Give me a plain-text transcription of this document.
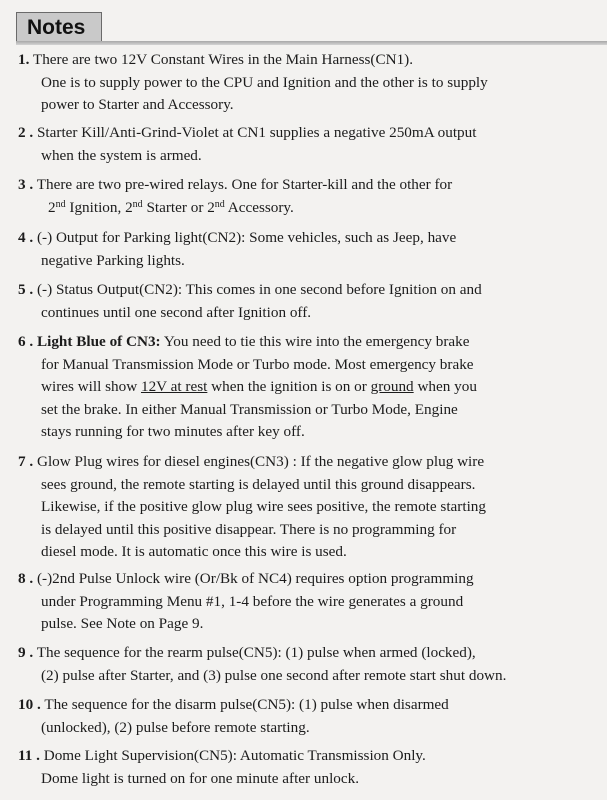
Notes
1. There are two 12V Constant Wires in the Main Harness(CN1).
One is to supply power to the CPU and Ignition and the other is to supply
power to Starter and Accessory.
2 . Starter Kill/Anti-Grind-Violet at CN1 supplies a negative 250mA output
when the system is armed.
3 . There are two pre-wired relays. One for Starter-kill and the other for
2nd Ignition, 2nd Starter or 2nd Accessory.
4 . (-) Output for Parking light(CN2): Some vehicles, such as Jeep, have
negative Parking lights.
5 . (-) Status Output(CN2): This comes in one second before Ignition on and
continues until one second after Ignition off.
6 . Light Blue of CN3: You need to tie this wire into the emergency brake
for Manual Transmission Mode or Turbo mode. Most emergency brake
wires will show 12V at rest when the ignition is on or ground when you
set the brake. In either Manual Transmission or Turbo Mode, Engine
stays running for two minutes after key off.
7 . Glow Plug wires for diesel engines(CN3) : If the negative glow plug wire
sees ground, the remote starting is delayed until this ground disappears.
Likewise, if the positive glow plug wire sees positive, the remote starting
is delayed until this positive disappear. There is no programming for
diesel mode. It is automatic once this wire is used.
8 . (-)2nd Pulse Unlock wire (Or/Bk of NC4) requires option programming
under Programming Menu #1, 1-4 before the wire generates a ground
pulse. See Note on Page 9.
9 . The sequence for the rearm pulse(CN5): (1) pulse when armed (locked),
(2) pulse after Starter, and (3) pulse one second after remote start shut down.
10 . The sequence for the disarm pulse(CN5): (1) pulse when disarmed
(unlocked), (2) pulse before remote starting.
11 . Dome Light Supervision(CN5): Automatic Transmission Only.
Dome light is turned on for one minute after unlock.
